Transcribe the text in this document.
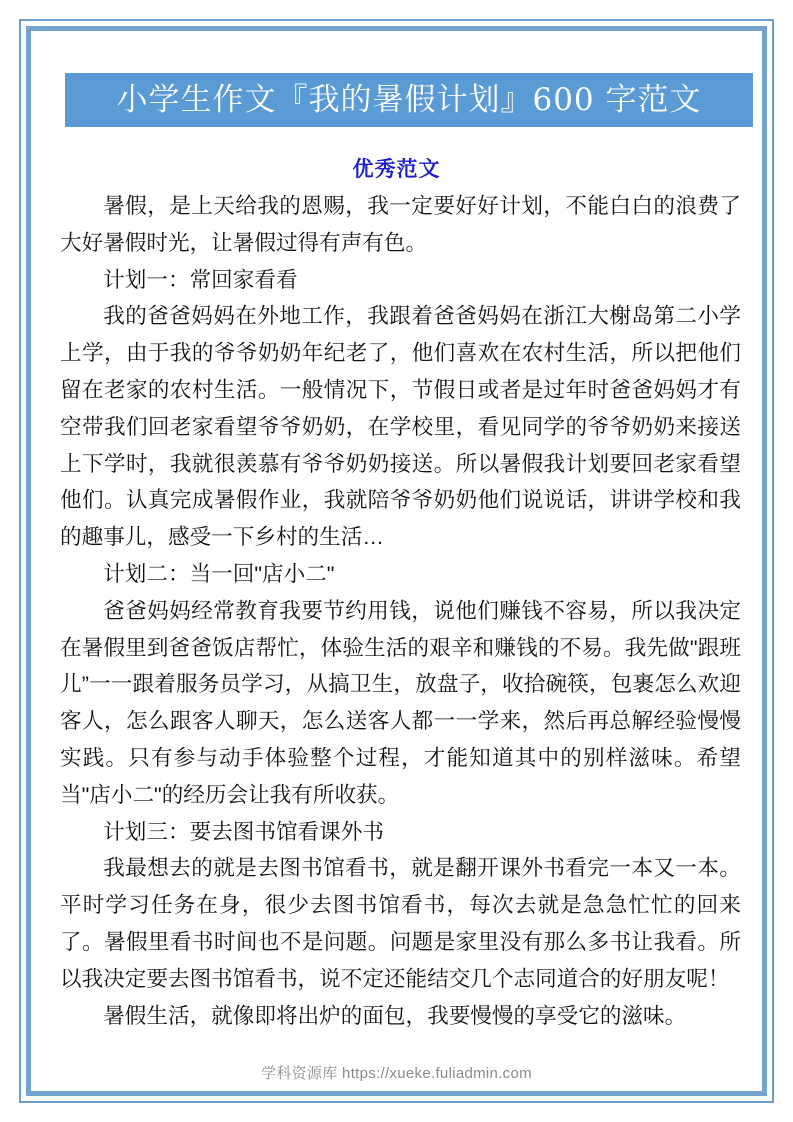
小学生作文『我的暑假计划』600 字范文
优秀范文

暑假，是上天给我的恩赐，我一定要好好计划，不能白白的浪费了大好暑假时光，让暑假过得有声有色。

计划一：常回家看看

我的爸爸妈妈在外地工作，我跟着爸爸妈妈在浙江大榭岛第二小学上学，由于我的爷爷奶奶年纪老了，他们喜欢在农村生活，所以把他们留在老家的农村生活。一般情况下，节假日或者是过年时爸爸妈妈才有空带我们回老家看望爷爷奶奶，在学校里，看见同学的爷爷奶奶来接送上下学时，我就很羡慕有爷爷奶奶接送。所以暑假我计划要回老家看望他们。认真完成暑假作业，我就陪爷爷奶奶他们说说话，讲讲学校和我的趣事儿，感受一下乡村的生活…

计划二：当一回"店小二"

爸爸妈妈经常教育我要节约用钱，说他们赚钱不容易，所以我决定在暑假里到爸爸饭店帮忙，体验生活的艰辛和赚钱的不易。我先做"跟班儿”一一跟着服务员学习，从搞卫生，放盘子，收拾碗筷，包裹怎么欢迎客人，怎么跟客人聊天，怎么送客人都一一学来，然后再总解经验慢慢实践。只有参与动手体验整个过程，才能知道其中的别样滋味。希望当"店小二"的经历会让我有所收获。

计划三：要去图书馆看课外书

我最想去的就是去图书馆看书，就是翻开课外书看完一本又一本。平时学习任务在身，很少去图书馆看书，每次去就是急急忙忙的回来了。暑假里看书时间也不是问题。问题是家里没有那么多书让我看。所以我决定要去图书馆看书，说不定还能结交几个志同道合的好朋友呢！

暑假生活，就像即将出炉的面包，我要慢慢的享受它的滋味。

学科资源库 https://xueke.fuliadmin.com
